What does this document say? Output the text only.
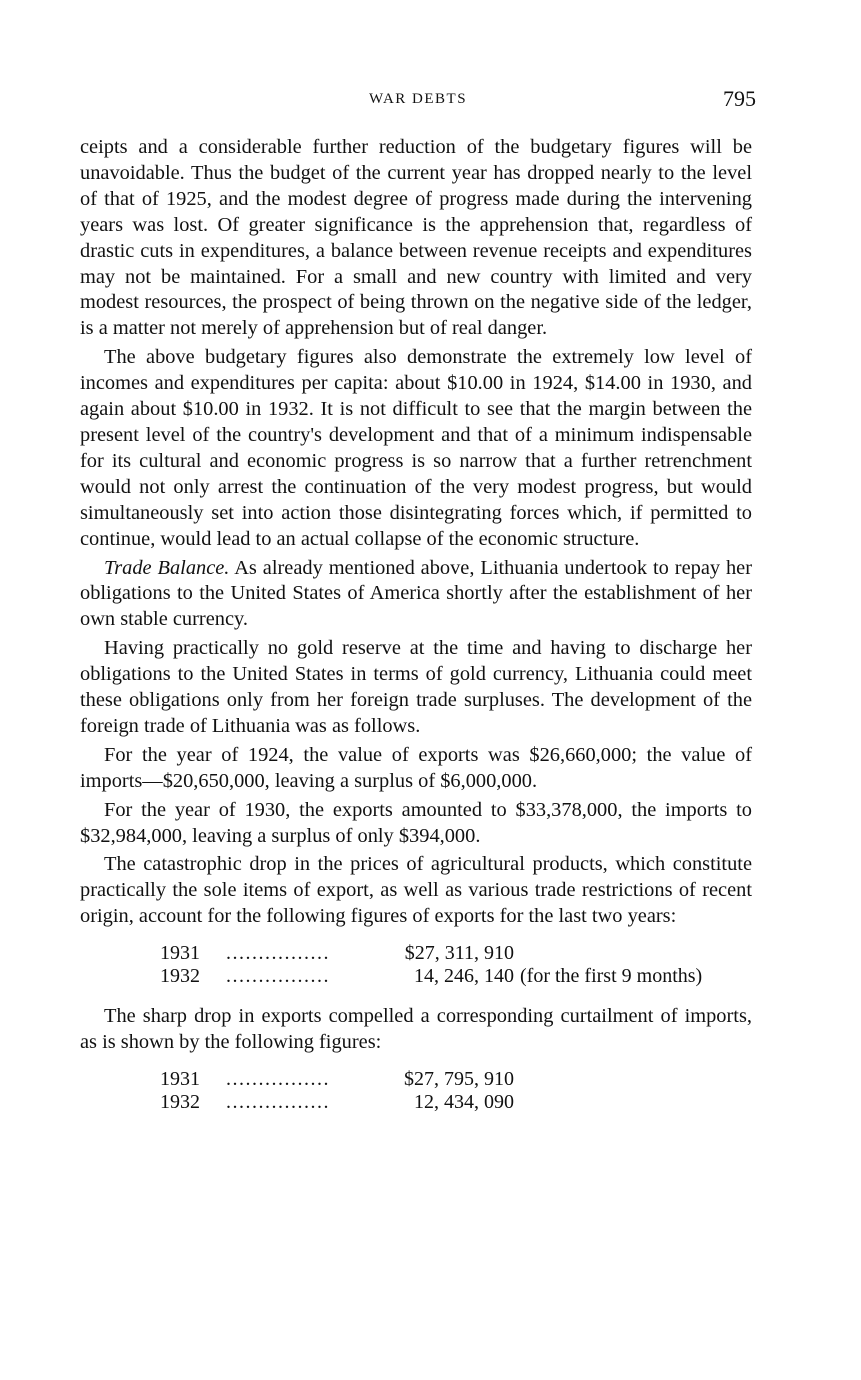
WAR DEBTS	795

ceipts and a considerable further reduction of the budgetary figures will be unavoidable. Thus the budget of the current year has dropped nearly to the level of that of 1925, and the modest degree of progress made during the intervening years was lost. Of greater significance is the apprehension that, regardless of drastic cuts in expenditures, a balance between revenue receipts and expenditures may not be maintained. For a small and new country with limited and very modest resources, the prospect of being thrown on the negative side of the ledger, is a matter not merely of apprehension but of real danger.

The above budgetary figures also demonstrate the extremely low level of incomes and expenditures per capita: about $10.00 in 1924, $14.00 in 1930, and again about $10.00 in 1932. It is not difficult to see that the margin between the present level of the country's development and that of a minimum indispensable for its cultural and economic progress is so narrow that a further retrenchment would not only arrest the continuation of the very modest progress, but would simultaneously set into action those disintegrating forces which, if permitted to continue, would lead to an actual collapse of the economic structure.

Trade Balance. As already mentioned above, Lithuania undertook to repay her obligations to the United States of America shortly after the establishment of her own stable currency.

Having practically no gold reserve at the time and having to discharge her obligations to the United States in terms of gold currency, Lithuania could meet these obligations only from her foreign trade surpluses. The development of the foreign trade of Lithuania was as follows.

For the year of 1924, the value of exports was $26,660,000; the value of imports—$20,650,000, leaving a surplus of $6,000,000.

For the year of 1930, the exports amounted to $33,378,000, the imports to $32,984,000, leaving a surplus of only $394,000.

The catastrophic drop in the prices of agricultural products, which constitute practically the sole items of export, as well as various trade restrictions of recent origin, account for the following figures of exports for the last two years:

1931	................	$27, 311, 910
1932	................	14, 246, 140 (for the first 9 months)

The sharp drop in exports compelled a corresponding curtailment of imports, as is shown by the following figures:

1931	................	$27, 795, 910
1932	................	12, 434, 090
